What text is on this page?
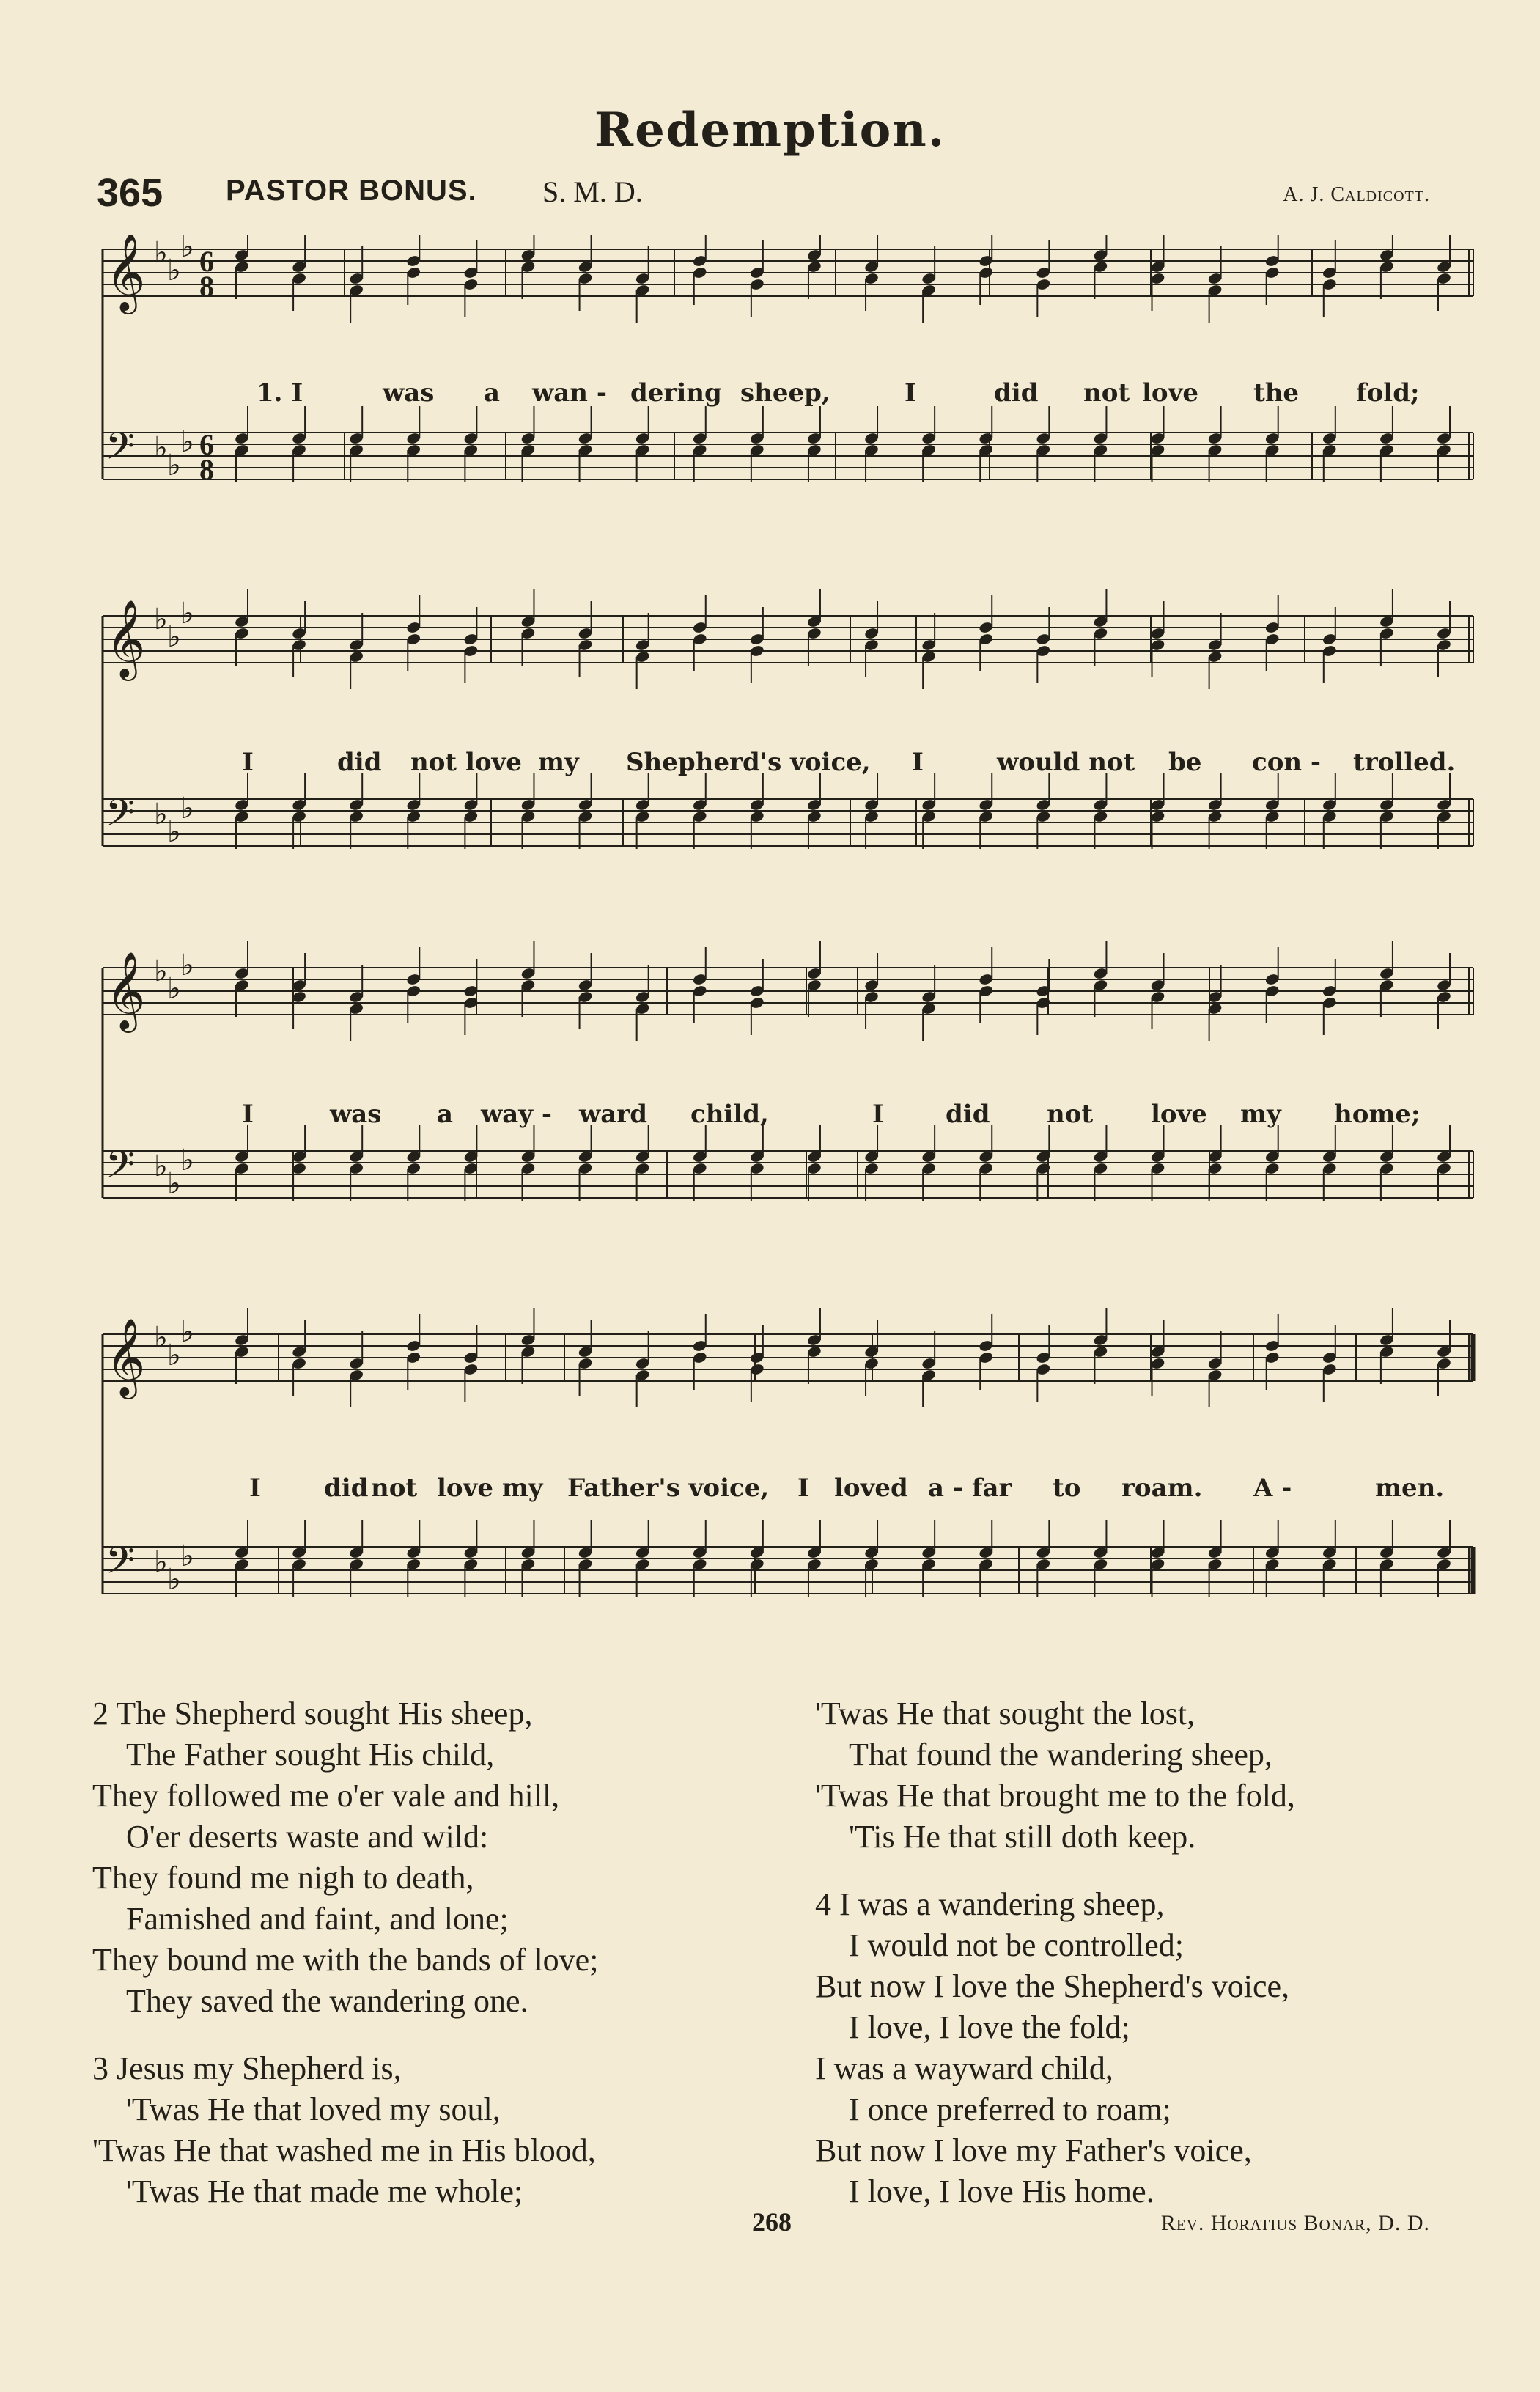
Redemption.
365 PASTOR BONUS. S. M. D.	A. J. Caldicott.
𝄞 ♭
♭
♭ 6
8
𝄢 ♭
♭
♭ 6
8
1. I	was a wan - dering sheep,	I	did not love the fold;
𝄞 ♭
♭
♭
𝄢 ♭
♭
♭
I	did not love my Shepherd's voice, I	would not be con - trolled.
𝄞 ♭
♭
♭
𝄢 ♭
♭
♭
I	was a way - ward child,	I did not love my home;
𝄞 ♭
♭
♭
𝄢 ♭
♭
♭
I	did not love my Father's voice, I loved a - far to roam. A -	men.
2 The Shepherd sought His sheep,
The Father sought His child,
They followed me o'er vale and hill,
O'er deserts waste and wild:
They found me nigh to death,
Famished and faint, and lone;
They bound me with the bands of love;
They saved the wandering one.
3 Jesus my Shepherd is,
'Twas He that loved my soul,
'Twas He that washed me in His blood,
'Twas He that made me whole;
'Twas He that sought the lost,
That found the wandering sheep,
'Twas He that brought me to the fold,
'Tis He that still doth keep.
4 I was a wandering sheep,
I would not be controlled;
But now I love the Shepherd's voice,
I love, I love the fold;
I was a wayward child,
I once preferred to roam;
But now I love my Father's voice,
I love, I love His home.
268	Rev. Horatius Bonar, D. D.
